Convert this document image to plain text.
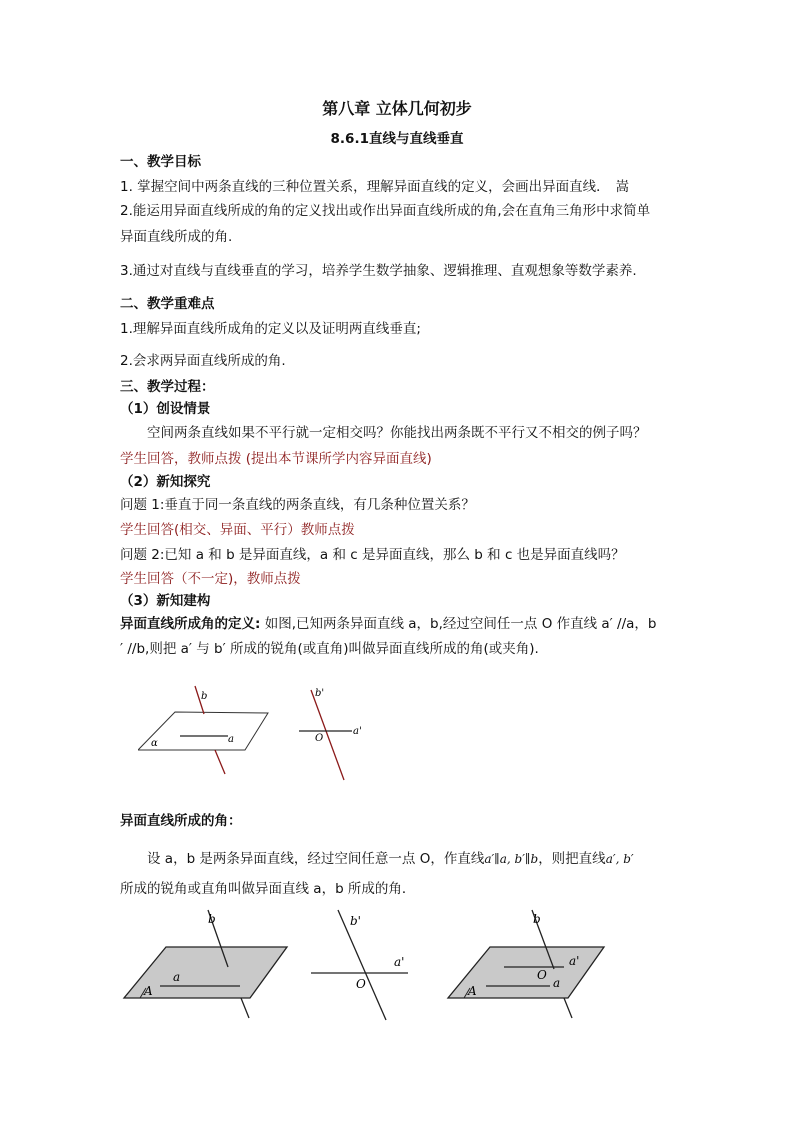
第八章 立体几何初步
8.6.1直线与直线垂直
一、教学目标
1. 掌握空间中两条直线的三种位置关系，理解异面直线的定义，会画出异面直线． 嵩
2.能运用异面直线所成的角的定义找出或作出异面直线所成的角,会在直角三角形中求简单
异面直线所成的角.
3.通过对直线与直线垂直的学习，培养学生数学抽象、逻辑推理、直观想象等数学素养.
二、教学重难点
1.理解异面直线所成角的定义以及证明两直线垂直;
2.会求两异面直线所成的角.
三、教学过程：
（1）创设情景
空间两条直线如果不平行就一定相交吗？你能找出两条既不平行又不相交的例子吗？
学生回答，教师点拨 (提出本节课所学内容异面直线)
（2）新知探究
问题 1:垂直于同一条直线的两条直线，有几条种位置关系？
学生回答(相交、异面、平行）教师点拨
问题 2:已知 a 和 b 是异面直线，a 和 c 是异面直线，那么 b 和 c 也是异面直线吗？
学生回答（不一定)，教师点拨
（3）新知建构
异面直线所成角的定义: 如图,已知两条异面直线 a，b,经过空间任一点 O 作直线 a′ //a，b
′ //b,则把 a′ 与 b′ 所成的锐角(或直角)叫做异面直线所成的角(或夹角).
b
a
α
b'
a'
O
异面直线所成的角：
设 a，b 是两条异面直线，经过空间任意一点 O，作直线a′∥a, b′∥b，则把直线a′, b′
所成的锐角或直角叫做异面直线 a，b 所成的角．
b
a
A
b'
a'
O
b
a'
O
a
A
